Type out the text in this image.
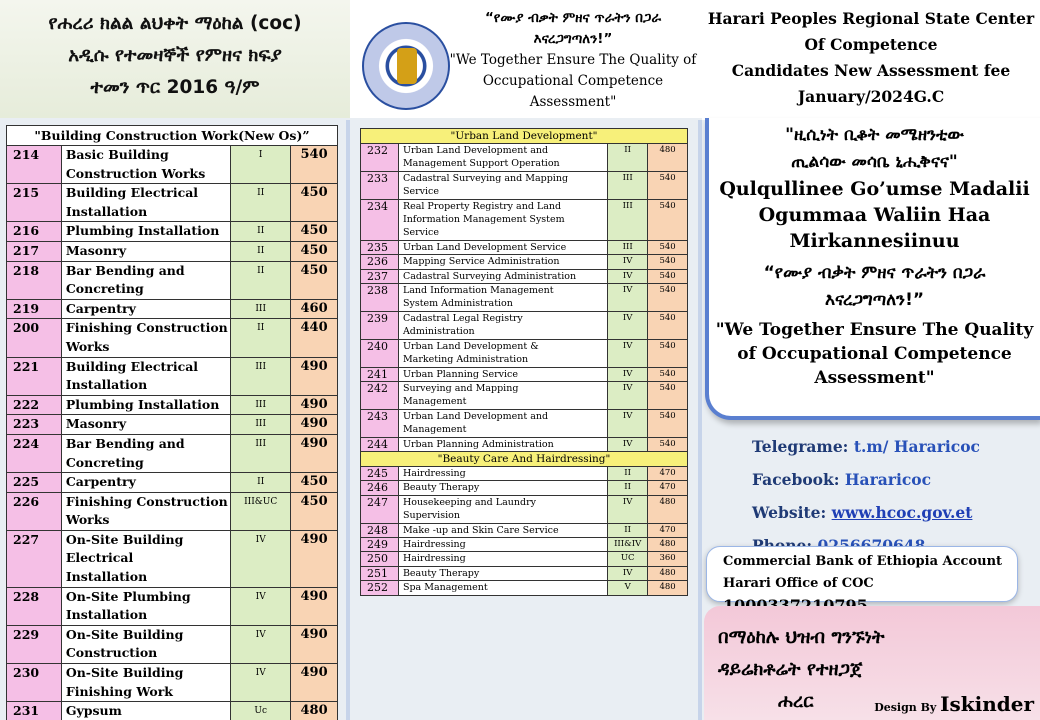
የሐረሪ ክልል ልህቀት ማዕከል (coc)
አዲሱ የተመዛኞች የምዘና ክፍያ
ተመን ጥር 2016 ዓ/ም
“የሙያ ብቃት ምዘና ጥራትን በጋራ
እናረጋግጣለን!”
"We Together Ensure The Quality of
Occupational Competence Assessment"
Harari Peoples Regional State Center
Of Competence
Candidates New Assessment fee
January/2024G.C
"Building Construction Work(New Os)”			
214	Basic Building
Construction Works	I	540
215	Building Electrical
Installation	II	450
216	Plumbing Installation	II	450
217	Masonry	II	450
218	Bar Bending and
Concreting	II	450
219	Carpentry	III	460
200	Finishing Construction
Works	II	440
221	Building Electrical
Installation	III	490
222	Plumbing Installation	III	490
223	Masonry	III	490
224	Bar Bending and
Concreting	III	490
225	Carpentry	II	450
226	Finishing Construction
Works	III&UC	450
227	On-Site Building Electrical
Installation	IV	490
228	On-Site Plumbing
Installation	IV	490
229	On-Site Building
Construction	IV	490
230	On-Site Building
Finishing Work	IV	490
231	Gypsum	Uc	480
"Urban Land Development"			
232	Urban Land Development and
Management Support Operation	II	480
233	Cadastral Surveying and Mapping
Service	III	540
234	Real Property Registry and Land
Information Management System
Service	III	540
235	Urban Land Development Service	III	540
236	Mapping Service Administration	IV	540
237	Cadastral Surveying Administration	IV	540
238	Land Information Management
System Administration	IV	540
239	Cadastral Legal Registry
Administration	IV	540
240	Urban Land Development &
Marketing Administration	IV	540
241	Urban Planning Service	IV	540
242	Surveying and Mapping
Management	IV	540
243	Urban Land Development and
Management	IV	540
244	Urban Planning Administration	IV	540
"Beauty Care And Hairdressing"			
245	Hairdressing	II	470
246	Beauty Therapy	II	470
247	Housekeeping and Laundry
Supervision	IV	480
248	Make -up and Skin Care Service	II	470
249	Hairdressing	III&IV	480
250	Hairdressing	UC	360
251	Beauty Therapy	IV	480
252	Spa Management	V	480
"ዚሲነት ቢቆት መሜዘንቲው
ጢልሳው መሳቤ ኒሒቅናና"
Qulqullinee Go’umse Madalii
Ogummaa Waliin Haa
Mirkannesiinuu
“የሙያ ብቃት ምዘና ጥራትን በጋራ
እናረጋግጣለን!”
"We Together Ensure The Quality
of Occupational Competence
Assessment"
Telegrame: t.m/ Hararicoc
Facebook: Hararicoc
Website: www.hcoc.gov.et
Commercial Bank of Ethiopia Account
Harari Office of COC
በማዕከሉ ህዝብ ግንኙነት
ዳይሬክቶሬት የተዘጋጀ
ሐረር	Design By Iskinder
